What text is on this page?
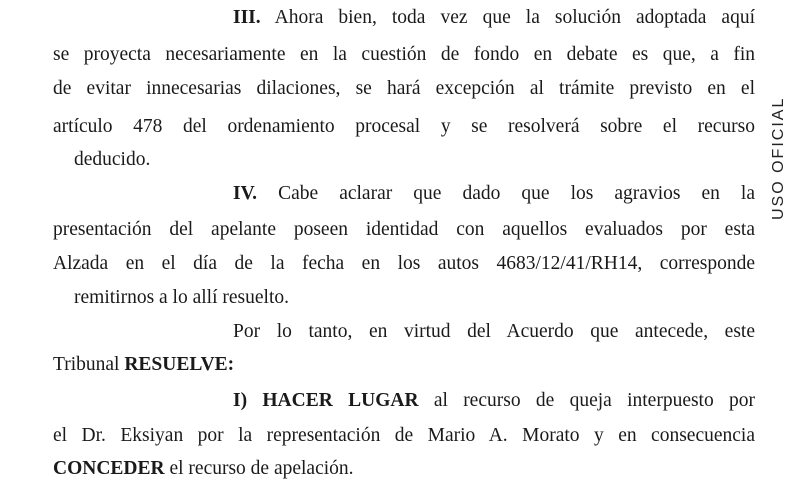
III. Ahora bien, toda vez que la solución adoptada aquí
se proyecta necesariamente en la cuestión de fondo en debate es que, a fin
de evitar innecesarias dilaciones, se hará excepción al trámite previsto en el
artículo 478 del ordenamiento procesal y se resolverá sobre el recurso
deducido.
IV. Cabe aclarar que dado que los agravios en la
presentación del apelante poseen identidad con aquellos evaluados por esta
Alzada en el día de la fecha en los autos 4683/12/41/RH14, corresponde
remitirnos a lo allí resuelto.
Por lo tanto, en virtud del Acuerdo que antecede, este
Tribunal RESUELVE:
I) HACER LUGAR al recurso de queja interpuesto por
el Dr. Eksiyan por la representación de Mario A. Morato y en consecuencia
CONCEDER el recurso de apelación.
USO OFICIAL
